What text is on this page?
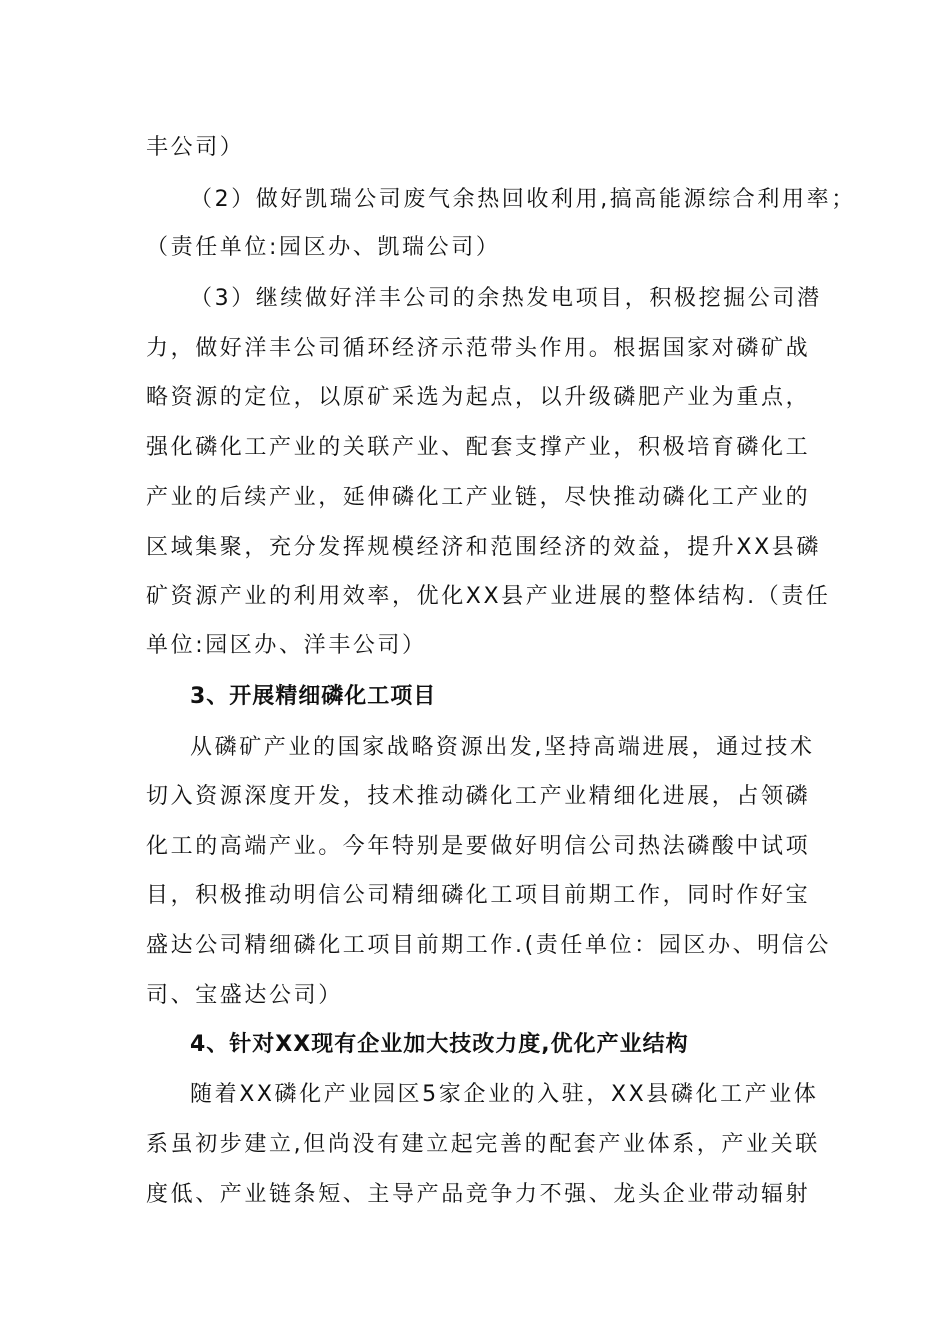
丰公司）
（2）做好凯瑞公司废气余热回收利用,搞高能源综合利用率；
（责任单位:园区办、凯瑞公司）
（3）继续做好洋丰公司的余热发电项目，积极挖掘公司潜
力，做好洋丰公司循环经济示范带头作用。根据国家对磷矿战
略资源的定位，以原矿采选为起点，以升级磷肥产业为重点，
强化磷化工产业的关联产业、配套支撑产业，积极培育磷化工
产业的后续产业，延伸磷化工产业链，尽快推动磷化工产业的
区域集聚，充分发挥规模经济和范围经济的效益，提升XX县磷
矿资源产业的利用效率，优化XX县产业进展的整体结构.（责任
单位:园区办、洋丰公司）
3、开展精细磷化工项目
从磷矿产业的国家战略资源出发,坚持高端进展，通过技术
切入资源深度开发，技术推动磷化工产业精细化进展，占领磷
化工的高端产业。今年特别是要做好明信公司热法磷酸中试项
目，积极推动明信公司精细磷化工项目前期工作，同时作好宝
盛达公司精细磷化工项目前期工作.(责任单位：园区办、明信公
司、宝盛达公司）
4、针对XX现有企业加大技改力度,优化产业结构
随着XX磷化产业园区5家企业的入驻，XX县磷化工产业体
系虽初步建立,但尚没有建立起完善的配套产业体系，产业关联
度低、产业链条短、主导产品竞争力不强、龙头企业带动辐射
